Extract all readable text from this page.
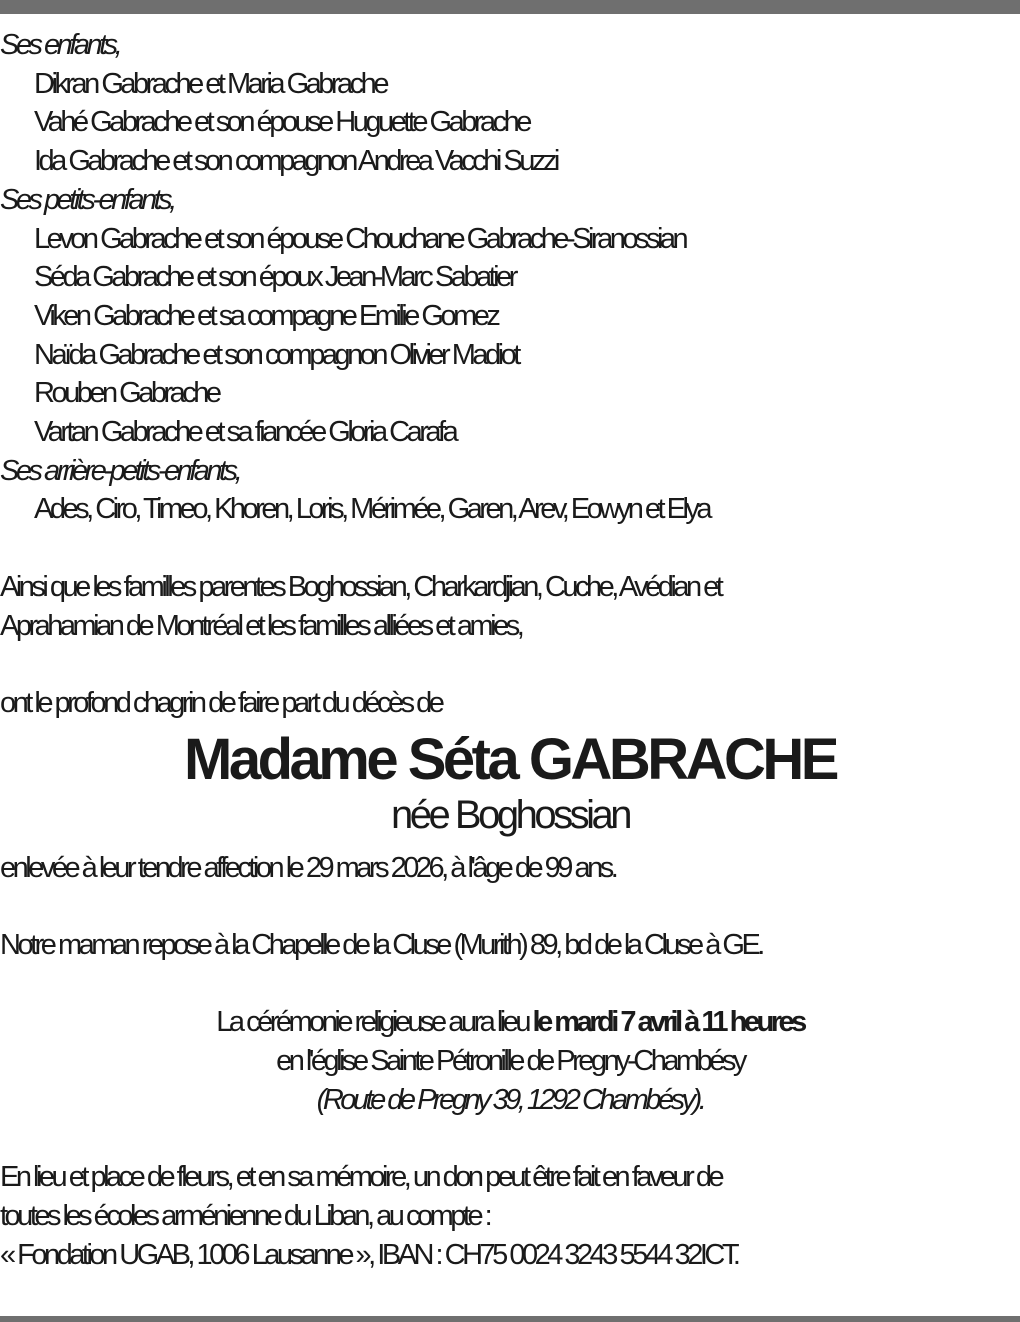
Ses enfants,
Dikran Gabrache et Maria Gabrache
Vahé Gabrache et son épouse Huguette Gabrache
Ida Gabrache et son compagnon Andrea Vacchi Suzzi
Ses petits-enfants,
Levon Gabrache et son épouse Chouchane Gabrache-Siranossian
Séda Gabrache et son époux Jean-Marc Sabatier
Viken Gabrache et sa compagne Emilie Gomez
Naïda Gabrache et son compagnon Olivier Madiot
Rouben Gabrache
Vartan Gabrache et sa fiancée Gloria Carafa
Ses arrière-petits-enfants,
Ades, Ciro, Timeo, Khoren, Loris, Mérimée, Garen, Arev, Eowyn et Elya
Ainsi que les familles parentes Boghossian, Charkardjian, Cuche, Avédian et
Aprahamian de Montréal et les familles alliées et amies,
ont le profond chagrin de faire part du décès de
Madame Séta GABRACHE
née Boghossian
enlevée à leur tendre affection le 29 mars 2026, à l'âge de 99 ans.
Notre maman repose à la Chapelle de la Cluse (Murith) 89, bd de la Cluse à GE.
La cérémonie religieuse aura lieu le mardi 7 avril à 11 heures
en l'église Sainte Pétronille de Pregny-Chambésy
(Route de Pregny 39, 1292 Chambésy).
En lieu et place de fleurs, et en sa mémoire, un don peut être fait en faveur de
toutes les écoles arménienne du Liban, au compte :
« Fondation UGAB, 1006 Lausanne », IBAN : CH75 0024 3243 5544 32ICT.
